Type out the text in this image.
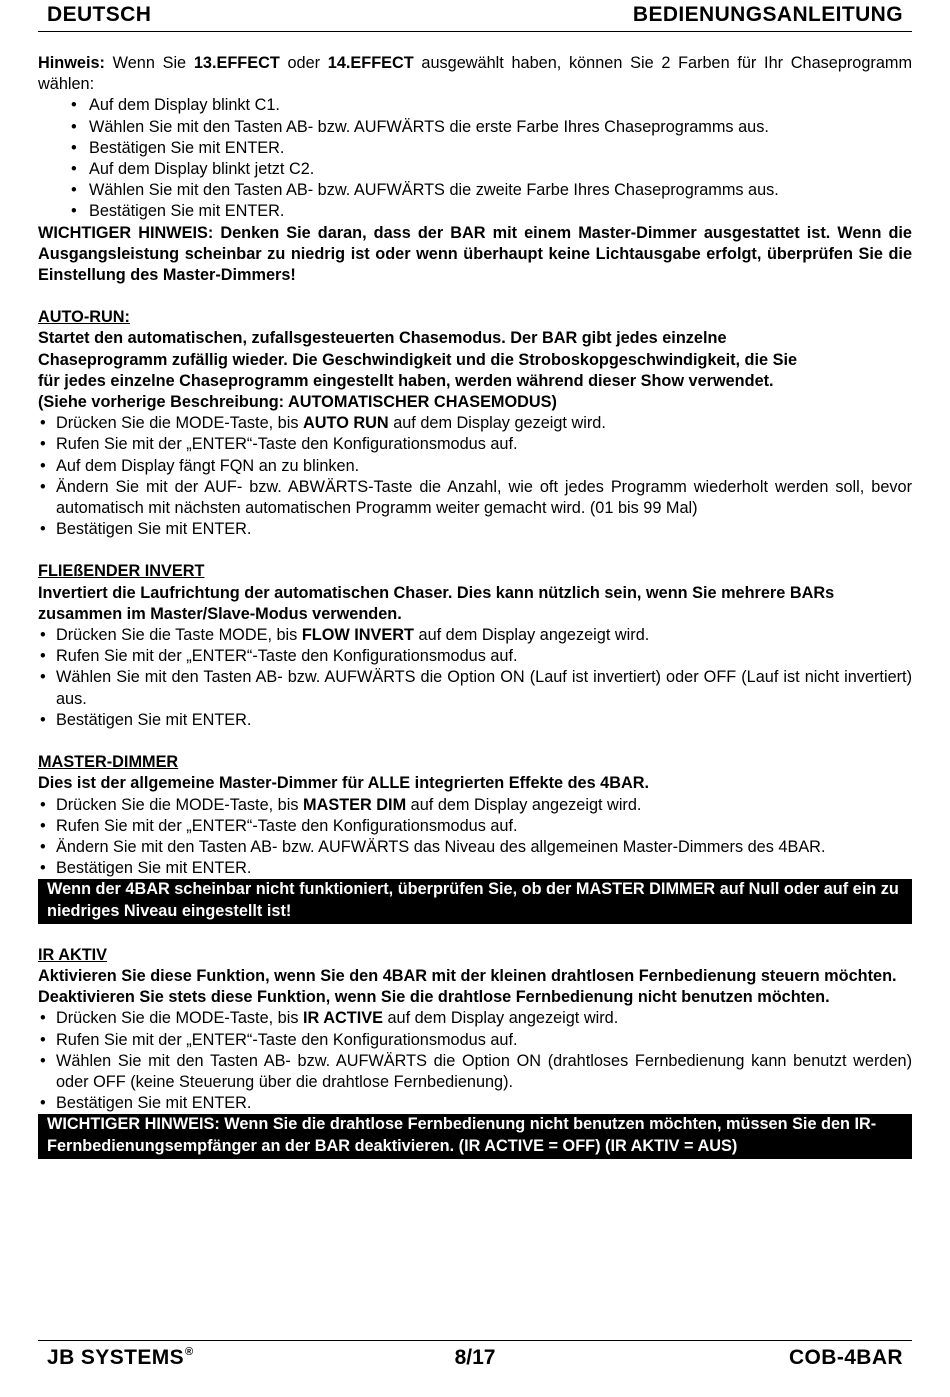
DEUTSCH	BEDIENUNGSANLEITUNG

Hinweis: Wenn Sie 13.EFFECT oder 14.EFFECT ausgewählt haben, können Sie 2 Farben für Ihr Chaseprogramm wählen:

• Auf dem Display blinkt C1.
• Wählen Sie mit den Tasten AB- bzw. AUFWÄRTS die erste Farbe Ihres Chaseprogramms aus.
• Bestätigen Sie mit ENTER.
• Auf dem Display blinkt jetzt C2.
• Wählen Sie mit den Tasten AB- bzw. AUFWÄRTS die zweite Farbe Ihres Chaseprogramms aus.
• Bestätigen Sie mit ENTER.

WICHTIGER HINWEIS: Denken Sie daran, dass der BAR mit einem Master-Dimmer ausgestattet ist. Wenn die Ausgangsleistung scheinbar zu niedrig ist oder wenn überhaupt keine Lichtausgabe erfolgt, überprüfen Sie die Einstellung des Master-Dimmers!

AUTO-RUN:

Startet den automatischen, zufallsgesteuerten Chasemodus. Der BAR gibt jedes einzelne

Chaseprogramm zufällig wieder. Die Geschwindigkeit und die Stroboskopgeschwindigkeit, die Sie

für jedes einzelne Chaseprogramm eingestellt haben, werden während dieser Show verwendet.

(Siehe vorherige Beschreibung: AUTOMATISCHER CHASEMODUS)

• Drücken Sie die MODE-Taste, bis AUTO RUN auf dem Display gezeigt wird.
• Rufen Sie mit der „ENTER“-Taste den Konfigurationsmodus auf.
• Auf dem Display fängt FQN an zu blinken.
• Ändern Sie mit der AUF- bzw. ABWÄRTS-Taste die Anzahl, wie oft jedes Programm wiederholt werden soll, bevor automatisch mit nächsten automatischen Programm weiter gemacht wird. (01 bis 99 Mal)
• Bestätigen Sie mit ENTER.

FLIEßENDER INVERT

Invertiert die Laufrichtung der automatischen Chaser. Dies kann nützlich sein, wenn Sie mehrere BARs zusammen im Master/Slave-Modus verwenden.

• Drücken Sie die Taste MODE, bis FLOW INVERT auf dem Display angezeigt wird.
• Rufen Sie mit der „ENTER“-Taste den Konfigurationsmodus auf.
• Wählen Sie mit den Tasten AB- bzw. AUFWÄRTS die Option ON (Lauf ist invertiert) oder OFF (Lauf ist nicht invertiert) aus.
• Bestätigen Sie mit ENTER.

MASTER-DIMMER

Dies ist der allgemeine Master-Dimmer für ALLE integrierten Effekte des 4BAR.

• Drücken Sie die MODE-Taste, bis MASTER DIM auf dem Display angezeigt wird.
• Rufen Sie mit der „ENTER“-Taste den Konfigurationsmodus auf.
• Ändern Sie mit den Tasten AB- bzw. AUFWÄRTS das Niveau des allgemeinen Master-Dimmers des 4BAR.
• Bestätigen Sie mit ENTER.

Wenn der 4BAR scheinbar nicht funktioniert, überprüfen Sie, ob der MASTER DIMMER auf Null oder auf ein zu niedriges Niveau eingestellt ist!

IR AKTIV

Aktivieren Sie diese Funktion, wenn Sie den 4BAR mit der kleinen drahtlosen Fernbedienung steuern möchten.

Deaktivieren Sie stets diese Funktion, wenn Sie die drahtlose Fernbedienung nicht benutzen möchten.

• Drücken Sie die MODE-Taste, bis IR ACTIVE auf dem Display angezeigt wird.
• Rufen Sie mit der „ENTER“-Taste den Konfigurationsmodus auf.
• Wählen Sie mit den Tasten AB- bzw. AUFWÄRTS die Option ON (drahtloses Fernbedienung kann benutzt werden) oder OFF (keine Steuerung über die drahtlose Fernbedienung).
• Bestätigen Sie mit ENTER.

WICHTIGER HINWEIS: Wenn Sie die drahtlose Fernbedienung nicht benutzen möchten, müssen Sie den IR-Fernbedienungsempfänger an der BAR deaktivieren. (IR ACTIVE = OFF) (IR AKTIV = AUS)

JB SYSTEMS®	8/17	COB-4BAR
